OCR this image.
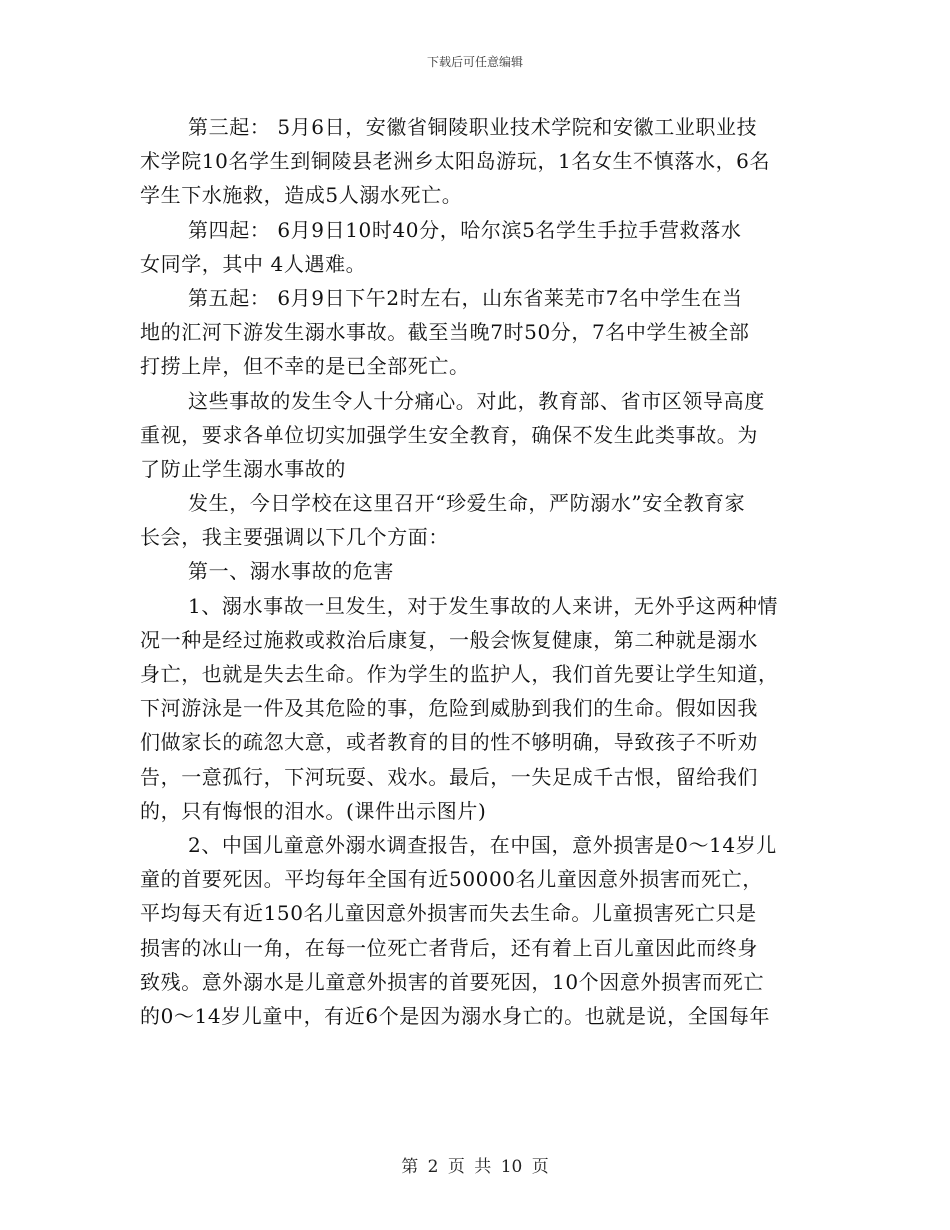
下载后可任意编辑
第三起： 5月6日，安徽省铜陵职业技术学院和安徽工业职业技
术学院10名学生到铜陵县老洲乡太阳岛游玩，1名女生不慎落水，6名
学生下水施救，造成5人溺水死亡。
第四起： 6月9日10时40分，哈尔滨5名学生手拉手营救落水
女同学，其中 4人遇难。
第五起： 6月9日下午2时左右，山东省莱芜市7名中学生在当
地的汇河下游发生溺水事故。截至当晚7时50分，7名中学生被全部
打捞上岸，但不幸的是已全部死亡。
这些事故的发生令人十分痛心。对此，教育部、省市区领导高度
重视，要求各单位切实加强学生安全教育，确保不发生此类事故。为
了防止学生溺水事故的
发生，今日学校在这里召开“珍爱生命，严防溺水”安全教育家
长会，我主要强调以下几个方面：
第一、溺水事故的危害
1、溺水事故一旦发生，对于发生事故的人来讲，无外乎这两种情
况一种是经过施救或救治后康复，一般会恢复健康，第二种就是溺水
身亡，也就是失去生命。作为学生的监护人，我们首先要让学生知道，
下河游泳是一件及其危险的事，危险到威胁到我们的生命。假如因我
们做家长的疏忽大意，或者教育的目的性不够明确，导致孩子不听劝
告，一意孤行，下河玩耍、戏水。最后，一失足成千古恨，留给我们
的，只有悔恨的泪水。(课件出示图片)
2、中国儿童意外溺水调查报告，在中国，意外损害是0～14岁儿
童的首要死因。平均每年全国有近50000名儿童因意外损害而死亡，
平均每天有近150名儿童因意外损害而失去生命。儿童损害死亡只是
损害的冰山一角，在每一位死亡者背后，还有着上百儿童因此而终身
致残。意外溺水是儿童意外损害的首要死因，10个因意外损害而死亡
的0～14岁儿童中，有近6个是因为溺水身亡的。也就是说，全国每年
第 2 页 共 10 页
